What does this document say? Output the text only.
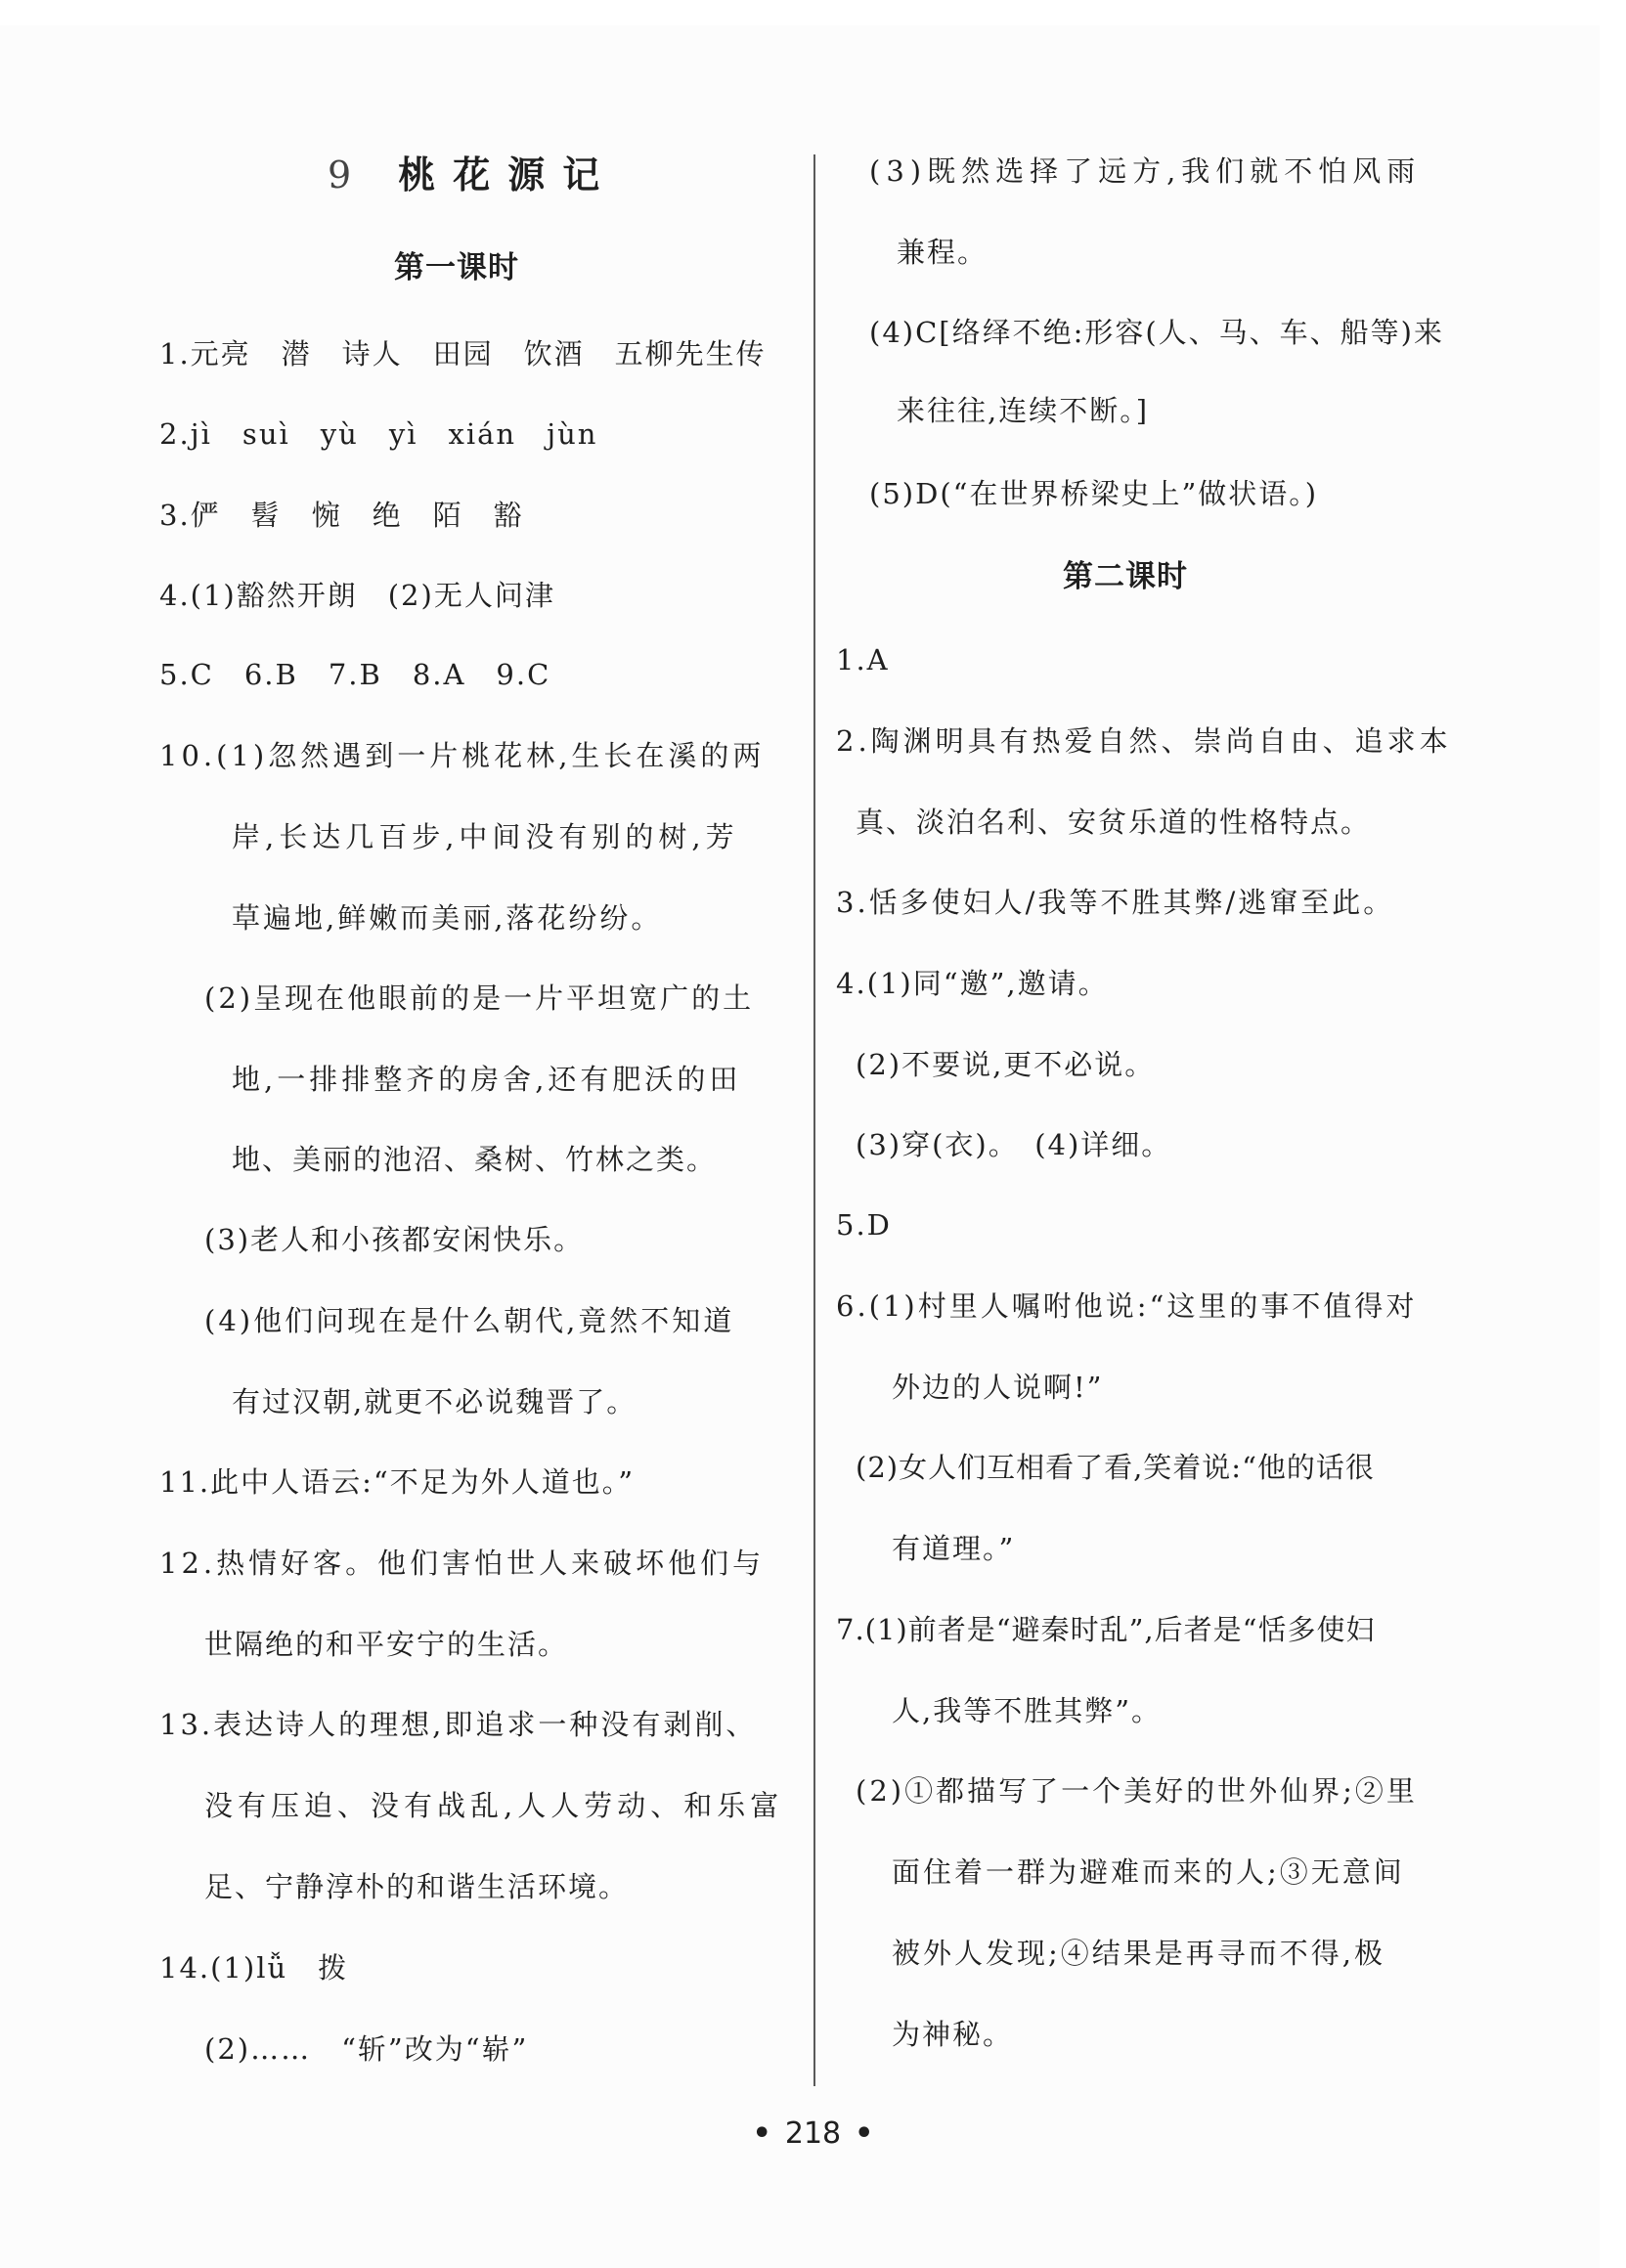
9 桃花源记
第一课时
1.元亮　潜　诗人　田园　饮酒　五柳先生传
2.jì　suì　yù　yì　xián　jùn
3.俨　髫　惋　绝　陌　豁
4.(1)豁然开朗　(2)无人问津
5.C　6.B　7.B　8.A　9.C
10.(1)忽然遇到一片桃花林,生长在溪的两
岸,长达几百步,中间没有别的树,芳
草遍地,鲜嫩而美丽,落花纷纷。
(2)呈现在他眼前的是一片平坦宽广的土
地,一排排整齐的房舍,还有肥沃的田
地、美丽的池沼、桑树、竹林之类。
(3)老人和小孩都安闲快乐。
(4)他们问现在是什么朝代,竟然不知道
有过汉朝,就更不必说魏晋了。
11.此中人语云:“不足为外人道也。”
12.热情好客。他们害怕世人来破坏他们与
世隔绝的和平安宁的生活。
13.表达诗人的理想,即追求一种没有剥削、
没有压迫、没有战乱,人人劳动、和乐富
足、宁静淳朴的和谐生活环境。
14.(1)lǚ　拨
(2)……　“斩”改为“崭”
(3)既然选择了远方,我们就不怕风雨
兼程。
(4)C[络绎不绝:形容(人、马、车、船等)来
来往往,连续不断。]
(5)D(“在世界桥梁史上”做状语。)
第二课时
1.A
2.陶渊明具有热爱自然、崇尚自由、追求本
真、淡泊名利、安贫乐道的性格特点。
3.恬多使妇人/我等不胜其弊/逃窜至此。
4.(1)同“邀”,邀请。
(2)不要说,更不必说。
(3)穿(衣)。　(4)详细。
5.D
6.(1)村里人嘱咐他说:“这里的事不值得对
外边的人说啊!”
(2)女人们互相看了看,笑着说:“他的话很
有道理。”
7.(1)前者是“避秦时乱”,后者是“恬多使妇
人,我等不胜其弊”。
(2)①都描写了一个美好的世外仙界;②里
面住着一群为避难而来的人;③无意间
被外人发现;④结果是再寻而不得,极
为神秘。
• 218 •
